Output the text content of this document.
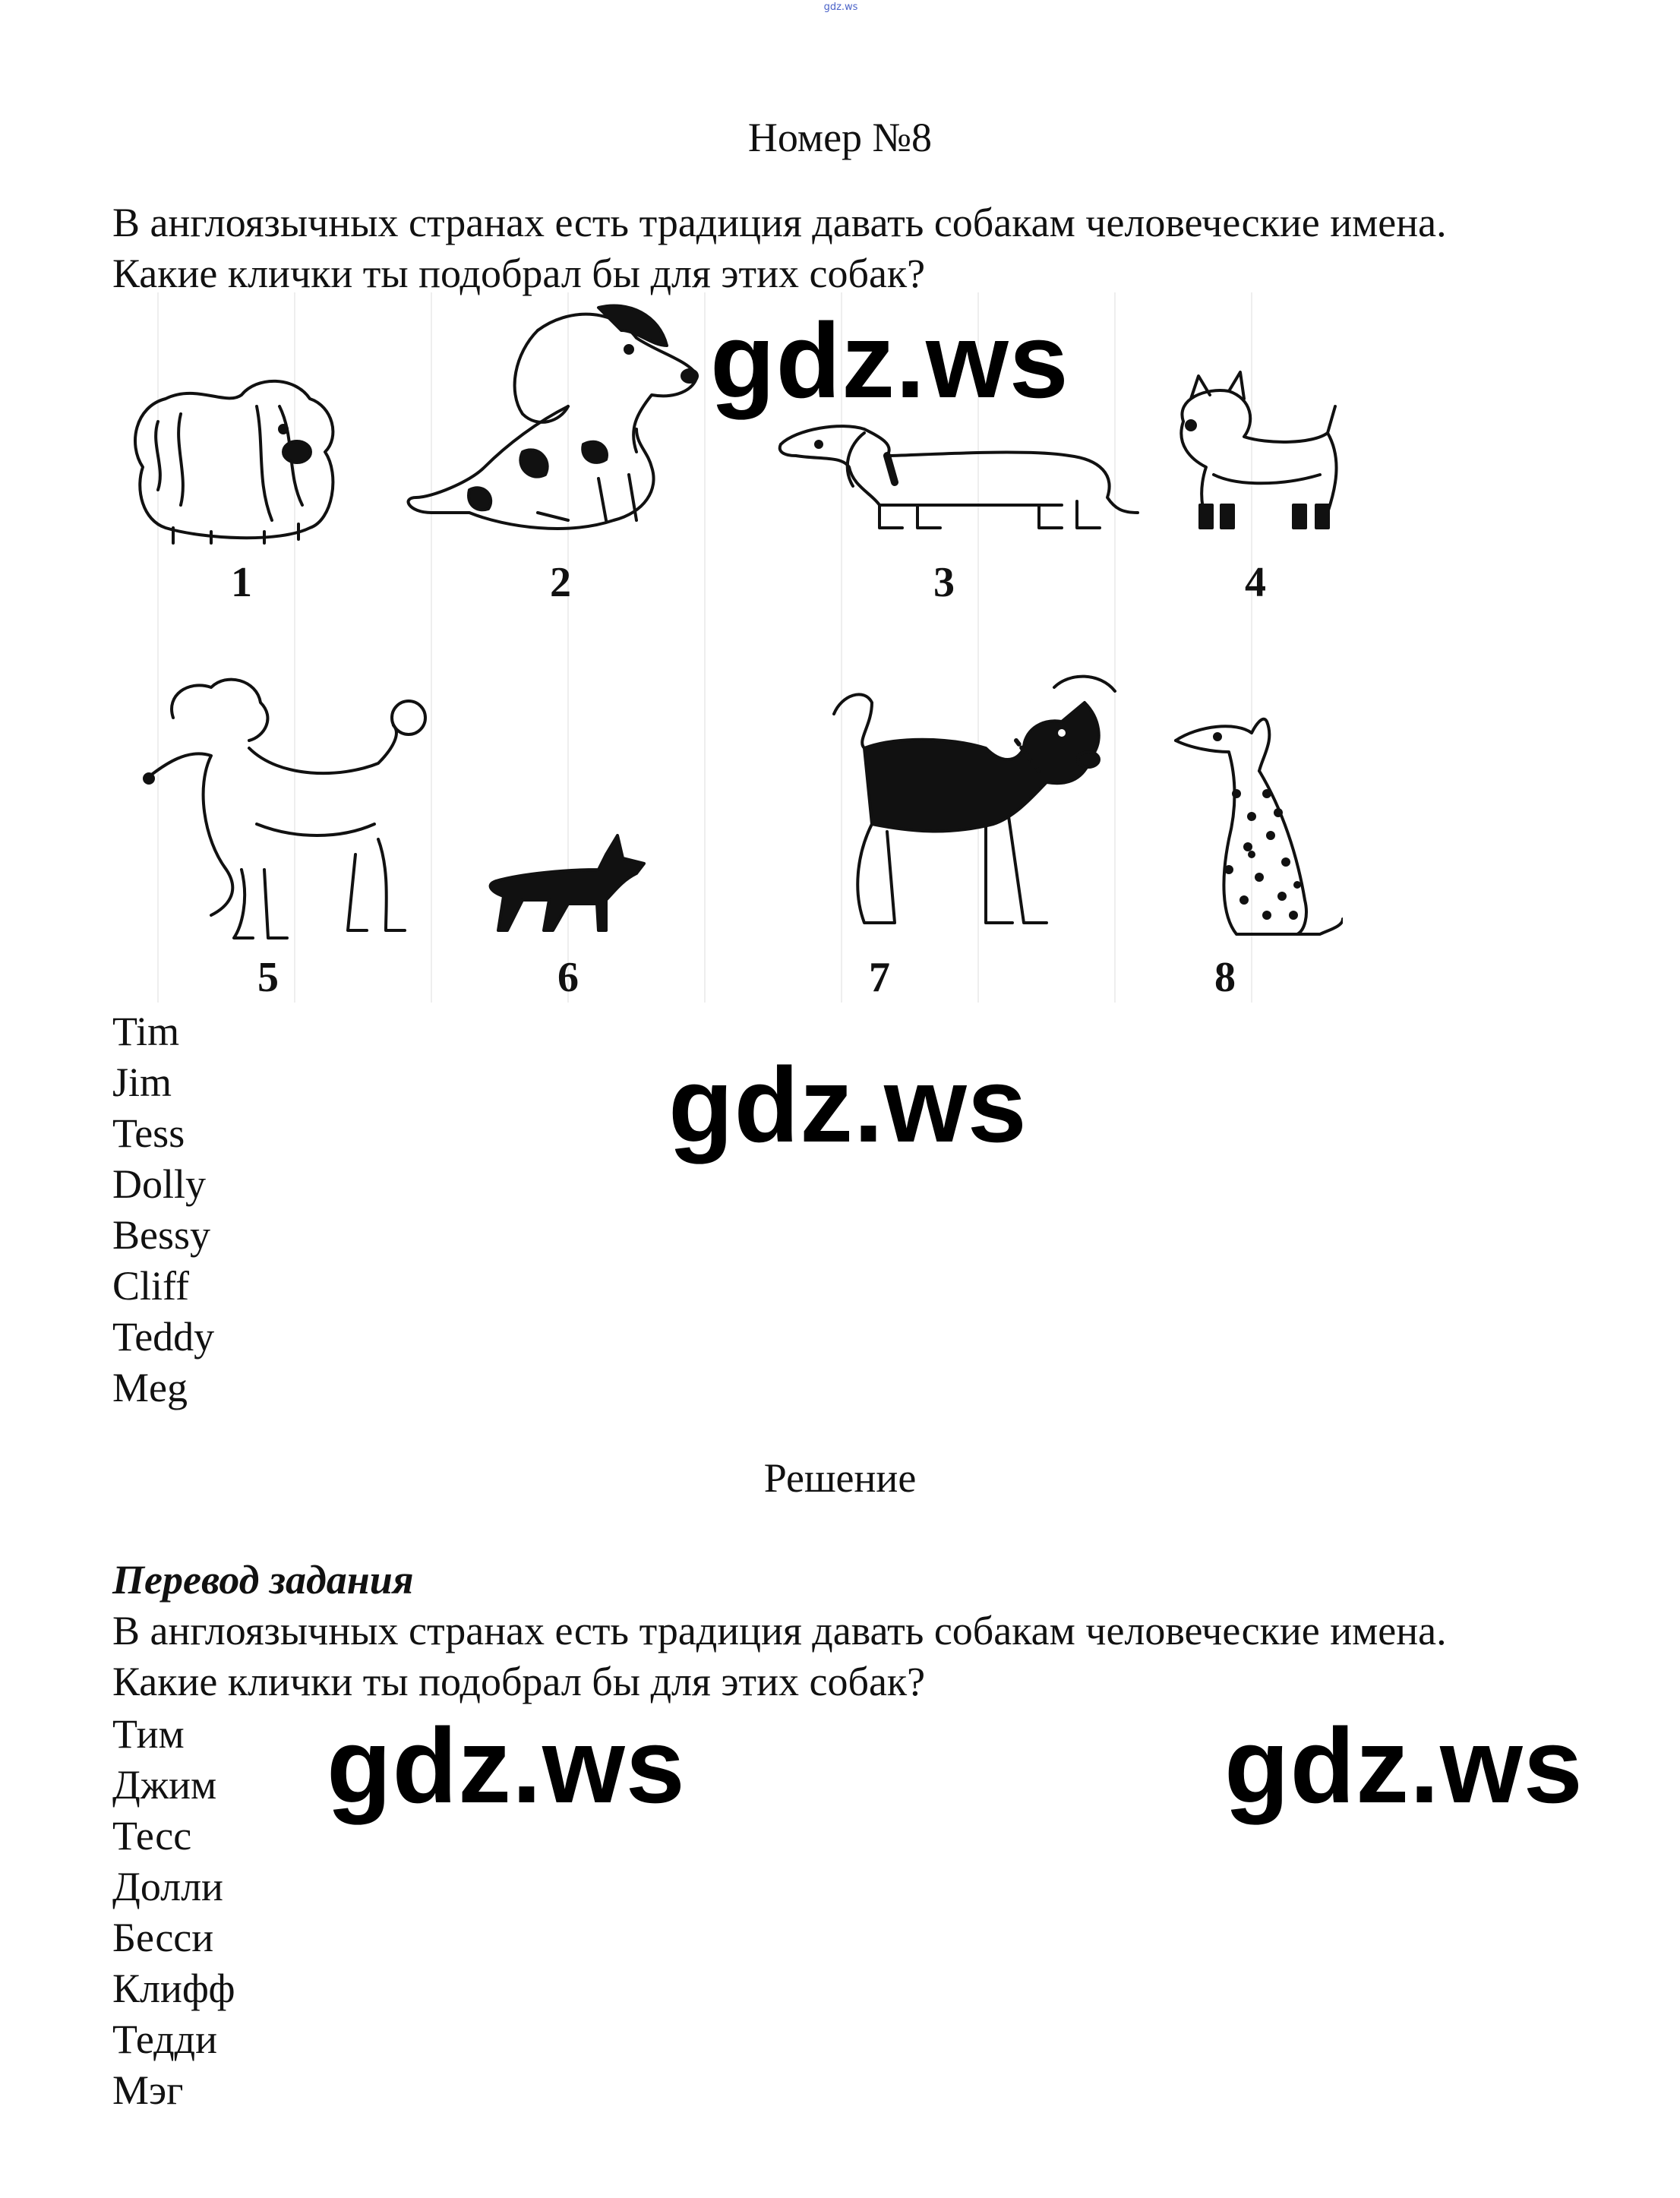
gdz.ws
Номер №8

В англоязычных странах есть традиция давать собакам человеческие имена.

Какие клички ты подобрал бы для этих собак?

1	2	3	4
5	6	7	8
gdz.ws
Tim
Jim
Tess
Dolly
Bessy
Cliff
Teddy
Meg
gdz.ws
Решение

Перевод задания

В англоязычных странах есть традиция давать собакам человеческие имена.

Какие клички ты подобрал бы для этих собак?

Тим
Джим
Тесс
Долли
Бесси
Клифф
Тедди
Мэг
gdz.ws	gdz.ws
